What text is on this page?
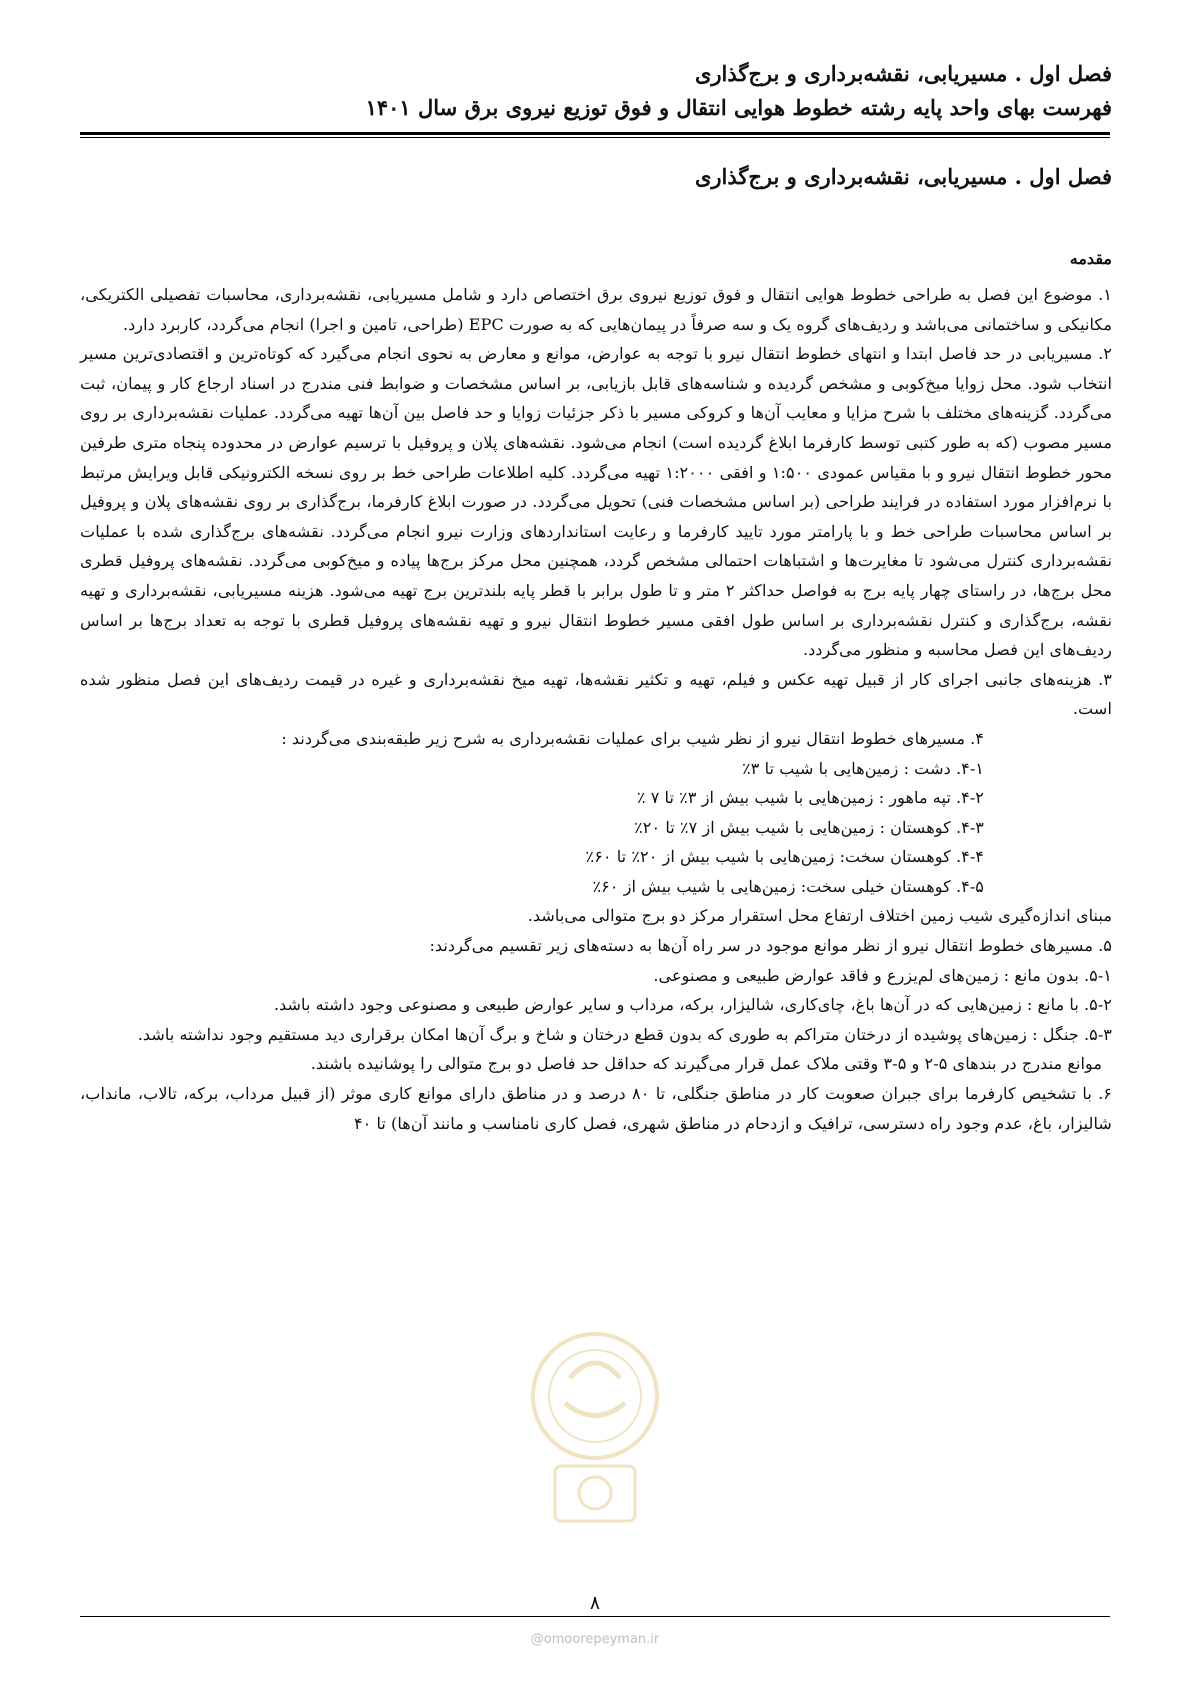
فصل اول . مسیریابی، نقشه‌برداری و برج‌گذاری
فهرست بهای واحد پایه رشته خطوط هوایی انتقال و فوق توزیع نیروی برق سال ۱۴۰۱
فصل اول . مسیریابی، نقشه‌برداری و برج‌گذاری
مقدمه

۱. موضوع این فصل به طراحی خطوط هوایی انتقال و فوق توزیع نیروی برق اختصاص دارد و شامل مسیریابی، نقشه‌برداری، محاسبات تفصیلی الکتریکی، مکانیکی و ساختمانی می‌باشد و ردیف‌های گروه یک و سه صرفاً در پیمان‌هایی که به صورت EPC (طراحی، تامین و اجرا) انجام می‌گردد، کاربرد دارد.

۲. مسیریابی در حد فاصل ابتدا و انتهای خطوط انتقال نیرو با توجه به عوارض، موانع و معارض به نحوی انجام می‌گیرد که کوتاه‌ترین و اقتصادی‌ترین مسیر انتخاب شود. محل زوایا میخ‌کوبی و مشخص گردیده و شناسه‌های قابل بازیابی، بر اساس مشخصات و ضوابط فنی مندرج در اسناد ارجاع کار و پیمان، ثبت می‌گردد. گزینه‌های مختلف با شرح مزایا و معایب آن‌ها و کروکی مسیر با ذکر جزئیات زوایا و حد فاصل بین آن‌ها تهیه می‌گردد. عملیات نقشه‌برداری بر روی مسیر مصوب (که به طور کتبی توسط کارفرما ابلاغ گردیده است) انجام می‌شود. نقشه‌های پلان و پروفیل با ترسیم عوارض در محدوده پنجاه متری طرفین محور خطوط انتقال نیرو و با مقیاس عمودی ۱:۵۰۰ و افقی ۱:۲۰۰۰ تهیه می‌گردد. کلیه اطلاعات طراحی خط بر روی نسخه الکترونیکی قابل ویرایش مرتبط با نرم‌افزار مورد استفاده در فرایند طراحی (بر اساس مشخصات فنی) تحویل می‌گردد. در صورت ابلاغ کارفرما، برج‌گذاری بر روی نقشه‌های پلان و پروفیل بر اساس محاسبات طراحی خط و با پارامتر مورد تایید کارفرما و رعایت استانداردهای وزارت نیرو انجام می‌گردد. نقشه‌های برج‌گذاری شده با عملیات نقشه‌برداری کنترل می‌شود تا مغایرت‌ها و اشتباهات احتمالی مشخص گردد، همچنین محل مرکز برج‌ها پیاده و میخ‌کوبی می‌گردد. نقشه‌های پروفیل قطری محل برج‌ها، در راستای چهار پایه برج به فواصل حداکثر ۲ متر و تا طول برابر با قطر پایه بلندترین برج تهیه می‌شود. هزینه مسیریابی، نقشه‌برداری و تهیه نقشه، برج‌گذاری و کنترل نقشه‌برداری بر اساس طول افقی مسیر خطوط انتقال نیرو و تهیه نقشه‌های پروفیل قطری با توجه به تعداد برج‌ها بر اساس ردیف‌های این فصل محاسبه و منظور می‌گردد.

۳. هزینه‌های جانبی اجرای کار از قبیل تهیه عکس و فیلم، تهیه و تکثیر نقشه‌ها، تهیه میخ نقشه‌برداری و غیره در قیمت ردیف‌های این فصل منظور شده است.

۴. مسیرهای خطوط انتقال نیرو از نظر شیب برای عملیات نقشه‌برداری به شرح زیر طبقه‌بندی می‌گردند :

۴-۱. دشت : زمین‌هایی با شیب تا ۳٪

۴-۲. تپه ماهور : زمین‌هایی با شیب بیش از ۳٪ تا ۷ ٪

۴-۳. کوهستان : زمین‌هایی با شیب بیش از ۷٪ تا ۲۰٪

۴-۴. کوهستان سخت: زمین‌هایی با شیب بیش از ۲۰٪ تا ۶۰٪

۴-۵. کوهستان خیلی سخت: زمین‌هایی با شیب بیش از ۶۰٪

مبنای اندازه‌گیری شیب زمین اختلاف ارتفاع محل استقرار مرکز دو برج متوالی می‌باشد.

۵. مسیرهای خطوط انتقال نیرو از نظر موانع موجود در سر راه آن‌ها به دسته‌های زیر تقسیم می‌گردند:

۵-۱. بدون مانع : زمین‌های لم‌یزرع و فاقد عوارض طبیعی و مصنوعی.

۵-۲. با مانع : زمین‌هایی که در آن‌ها باغ، چای‌کاری، شالیزار، برکه، مرداب و سایر عوارض طبیعی و مصنوعی وجود داشته باشد.

۵-۳. جنگل : زمین‌های پوشیده از درختان متراکم به طوری که بدون قطع درختان و شاخ و برگ آن‌ها امکان برقراری دید مستقیم وجود نداشته باشد.

موانع مندرج در بندهای ۵-۲ و ۵-۳ وقتی ملاک عمل قرار می‌گیرند که حداقل حد فاصل دو برج متوالی را پوشانیده باشند.

۶. با تشخیص کارفرما برای جبران صعوبت کار در مناطق جنگلی، تا ۸۰ درصد و در مناطق دارای موانع کاری موثر (از قبیل مرداب، برکه، تالاب، مانداب، شالیزار، باغ، عدم وجود راه دسترسی، ترافیک و ازدحام در مناطق شهری، فصل کاری نامناسب و مانند آن‌ها) تا ۴۰

۸
@omoorepeyman.ir
